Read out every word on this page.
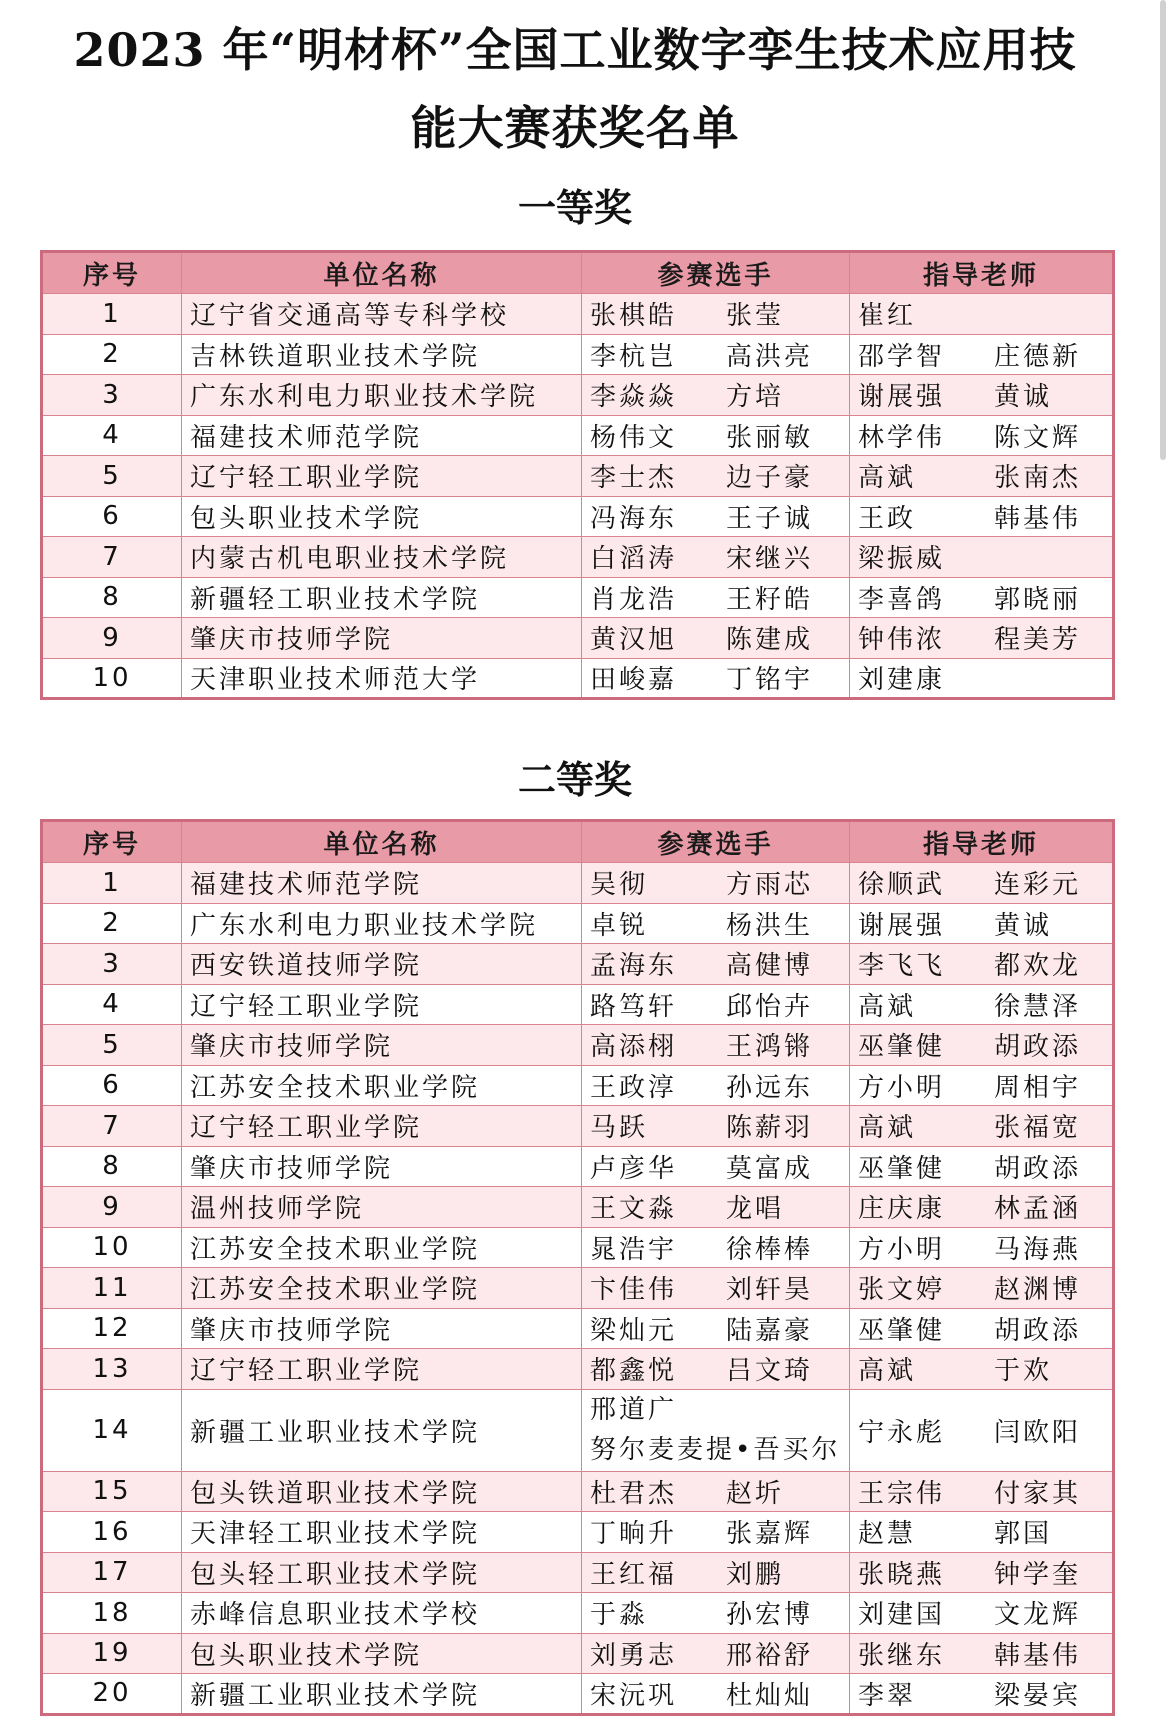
2023 年“明材杯”全国工业数字孪生技术应用技
能大赛获奖名单
一等奖
序号	单位名称	参赛选手	指导老师
1	辽宁省交通高等专科学校	张棋皓 张莹	崔红

2	吉林铁道职业技术学院	李杭岂 高洪亮	邵学智 庄德新

3	广东水利电力职业技术学院	李焱焱 方培	谢展强 黄诚

4	福建技术师范学院	杨伟文 张丽敏	林学伟 陈文辉

5	辽宁轻工职业学院	李士杰 边子豪	高斌 张南杰

6	包头职业技术学院	冯海东 王子诚	王政 韩基伟

7	内蒙古机电职业技术学院	白滔涛 宋继兴	梁振威

8	新疆轻工职业技术学院	肖龙浩 王籽皓	李喜鸽 郭晓丽

9	肇庆市技师学院	黄汉旭 陈建成	钟伟浓 程美芳

10	天津职业技术师范大学	田峻嘉 丁铭宇	刘建康
二等奖
序号	单位名称	参赛选手	指导老师
1	福建技术师范学院	吴彻 方雨芯	徐顺武 连彩元

2	广东水利电力职业技术学院	卓锐 杨洪生	谢展强 黄诚

3	西安铁道技师学院	孟海东 高健博	李飞飞 都欢龙

4	辽宁轻工职业学院	路笃轩 邱怡卉	高斌 徐慧泽

5	肇庆市技师学院	高添栩 王鸿锵	巫肇健 胡政添

6	江苏安全技术职业学院	王政淳 孙远东	方小明 周相宇

7	辽宁轻工职业学院	马跃 陈薪羽	高斌 张福宽

8	肇庆市技师学院	卢彦华 莫富成	巫肇健 胡政添

9	温州技师学院	王文淼 龙唱	庄庆康 林孟涵

10	江苏安全技术职业学院	晁浩宇 徐棒棒	方小明 马海燕

11	江苏安全技术职业学院	卞佳伟 刘轩昊	张文婷 赵渊博

12	肇庆市技师学院	梁灿元 陆嘉豪	巫肇健 胡政添

13	辽宁轻工职业学院	都鑫悦 吕文琦	高斌 于欢

14	新疆工业职业技术学院	邢道广
努尔麦麦提•吾买尔	宁永彪 闫欧阳

15	包头铁道职业技术学院	杜君杰 赵圻	王宗伟 付家其

16	天津轻工职业技术学院	丁晌升 张嘉辉	赵慧 郭国

17	包头轻工职业技术学院	王红福 刘鹏	张晓燕 钟学奎

18	赤峰信息职业技术学校	于淼 孙宏博	刘建国 文龙辉

19	包头职业技术学院	刘勇志 邢裕舒	张继东 韩基伟

20	新疆工业职业技术学院	宋沅巩 杜灿灿	李翠 梁晏宾
